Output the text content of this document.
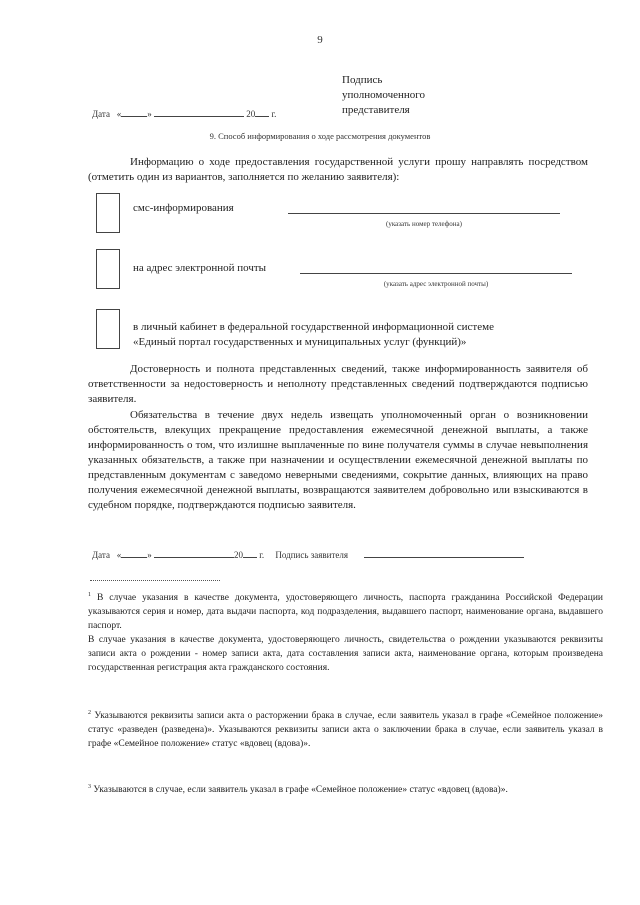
9
Подпись
уполномоченного
представителя
Дата «	»	20 г.
9. Способ информирования о ходе рассмотрения документов

Информацию о ходе предоставления государственной услуги прошу направлять посредством (отметить один из вариантов, заполняется по желанию заявителя):

смс-информирования
(указать номер телефона)
на адрес электронной почты
(указать адрес электронной почты)
в личный кабинет в федеральной государственной информационной системе
«Единый портал государственных и муниципальных услуг (функций)»

Достоверность и полнота представленных сведений, также информированность заявителя об ответственности за недостоверность и неполноту представленных сведений подтверждаются подписью заявителя.

Обязательства в течение двух недель извещать уполномоченный орган о возникновении обстоятельств, влекущих прекращение предоставления ежемесячной денежной выплаты, а также информированность о том, что излишне выплаченные по вине получателя суммы в случае невыполнения указанных обязательств, а также при назначении и осуществлении ежемесячной денежной выплаты по представленным документам с заведомо неверными сведениями, сокрытие данных, влияющих на право получения ежемесячной денежной выплаты, возвращаются заявителем добровольно или взыскиваются в судебном порядке, подтверждаются подписью заявителя.

Дата «	»	20 г. Подпись заявителя

$^1$ В случае указания в качестве документа, удостоверяющего личность, паспорта гражданина Российской Федерации указываются серия и номер, дата выдачи паспорта, код подразделения, выдавшего паспорт, наименование органа, выдавшего паспорт.

В случае указания в качестве документа, удостоверяющего личность, свидетельства о рождении указываются реквизиты записи акта о рождении - номер записи акта, дата составления записи акта, наименование органа, которым произведена государственная регистрация акта гражданского состояния.

$^2$ Указываются реквизиты записи акта о расторжении брака в случае, если заявитель указал в графе «Семейное положение» статус «разведен (разведена)». Указываются реквизиты записи акта о заключении брака в случае, если заявитель указал в графе «Семейное положение» статус «вдовец (вдова)».

$^3$ Указываются в случае, если заявитель указал в графе «Семейное положение» статус «вдовец (вдова)».
